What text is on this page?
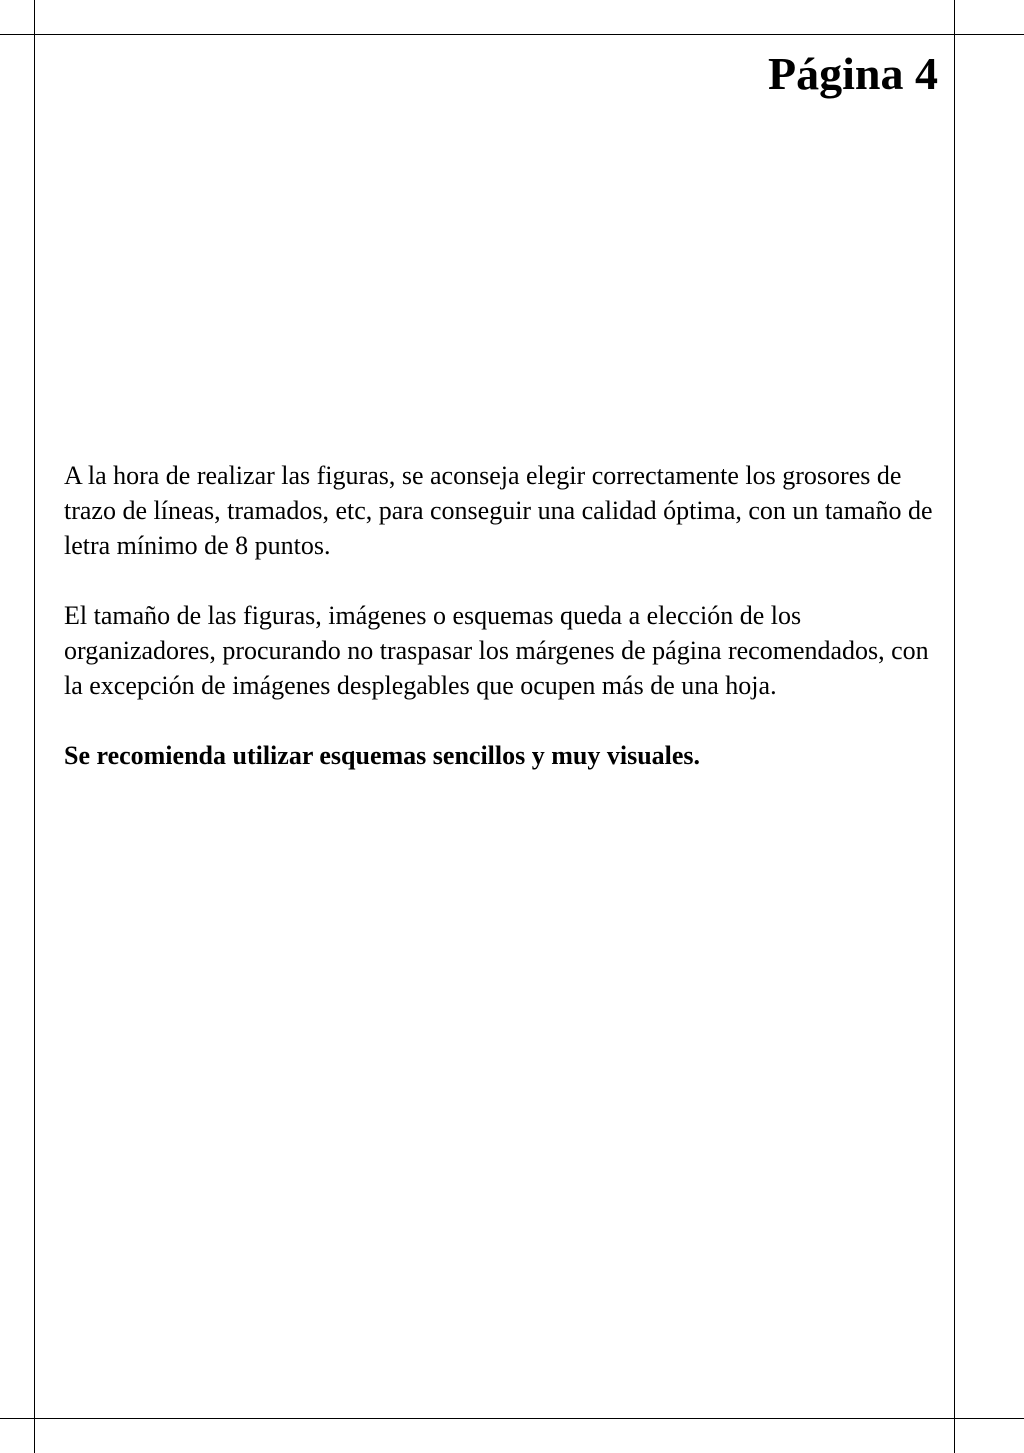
Página 4

A la hora de realizar las figuras, se aconseja elegir correctamente los grosores de trazo de líneas, tramados, etc, para conseguir una calidad óptima, con un tamaño de letra mínimo de 8 puntos.

El tamaño de las figuras, imágenes o esquemas queda a elección de los organizadores, procurando no traspasar los márgenes de página recomendados, con la excepción de imágenes desplegables que ocupen más de una hoja.

Se recomienda utilizar esquemas sencillos y muy visuales.
